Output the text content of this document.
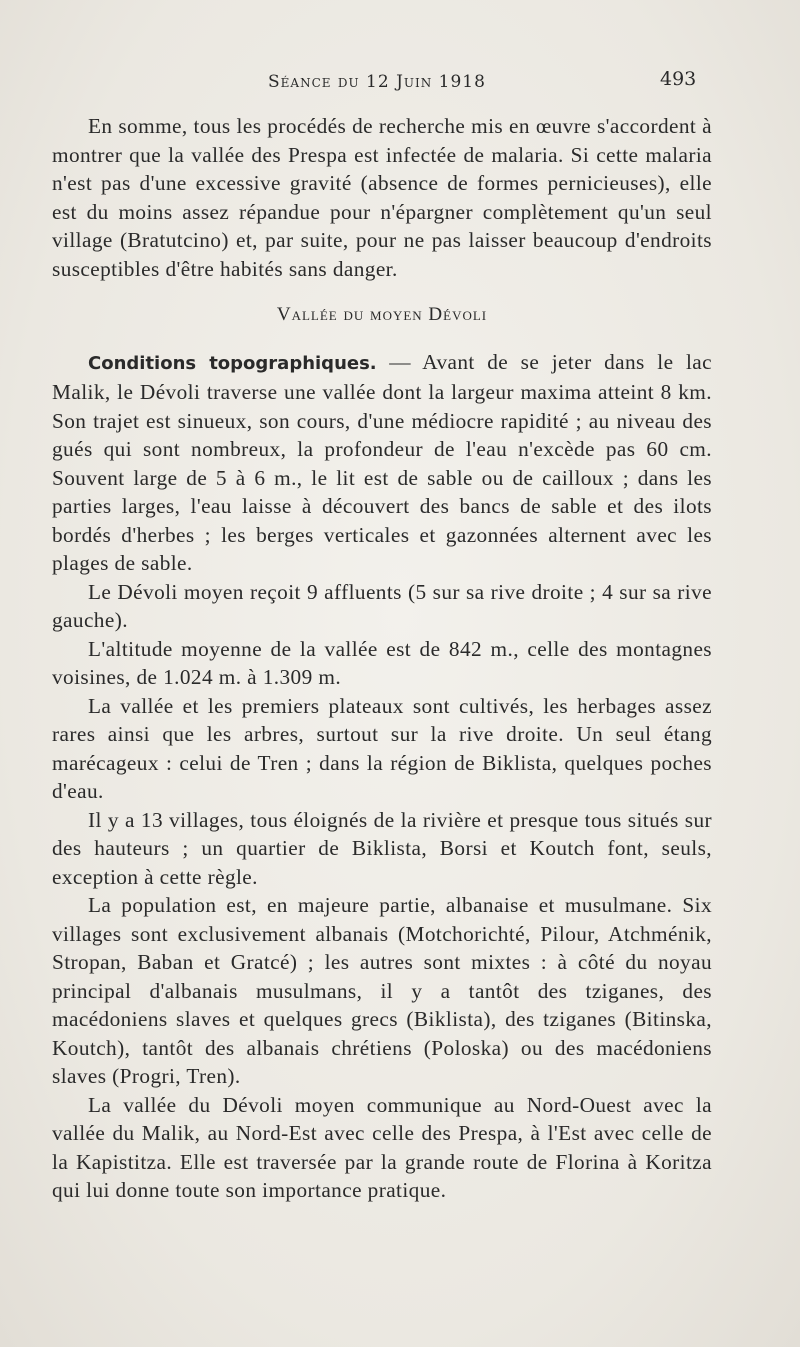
Séance du 12 Juin 1918	493

En somme, tous les procédés de recherche mis en œuvre s'accordent à montrer que la vallée des Prespa est infectée de malaria. Si cette malaria n'est pas d'une excessive gravité (absence de formes pernicieuses), elle est du moins assez répandue pour n'épargner complètement qu'un seul village (Bratutcino) et, par suite, pour ne pas laisser beaucoup d'endroits susceptibles d'être habités sans danger.

Vallée du moyen Dévoli

Conditions topographiques. — Avant de se jeter dans le lac Malik, le Dévoli traverse une vallée dont la largeur maxima atteint 8 km. Son trajet est sinueux, son cours, d'une médiocre rapidité ; au niveau des gués qui sont nombreux, la profondeur de l'eau n'excède pas 60 cm. Souvent large de 5 à 6 m., le lit est de sable ou de cailloux ; dans les parties larges, l'eau laisse à découvert des bancs de sable et des ilots bordés d'herbes ; les berges verticales et gazonnées alternent avec les plages de sable.

Le Dévoli moyen reçoit 9 affluents (5 sur sa rive droite ; 4 sur sa rive gauche).

L'altitude moyenne de la vallée est de 842 m., celle des montagnes voisines, de 1.024 m. à 1.309 m.

La vallée et les premiers plateaux sont cultivés, les herbages assez rares ainsi que les arbres, surtout sur la rive droite. Un seul étang marécageux : celui de Tren ; dans la région de Biklista, quelques poches d'eau.

Il y a 13 villages, tous éloignés de la rivière et presque tous situés sur des hauteurs ; un quartier de Biklista, Borsi et Koutch font, seuls, exception à cette règle.

La population est, en majeure partie, albanaise et musulmane. Six villages sont exclusivement albanais (Motchorichté, Pilour, Atchménik, Stropan, Baban et Gratcé) ; les autres sont mixtes : à côté du noyau principal d'albanais musulmans, il y a tantôt des tziganes, des macédoniens slaves et quelques grecs (Biklista), des tziganes (Bitinska, Koutch), tantôt des albanais chrétiens (Poloska) ou des macédoniens slaves (Progri, Tren).

La vallée du Dévoli moyen communique au Nord-Ouest avec la vallée du Malik, au Nord-Est avec celle des Prespa, à l'Est avec celle de la Kapistitza. Elle est traversée par la grande route de Florina à Koritza qui lui donne toute son importance pratique.
